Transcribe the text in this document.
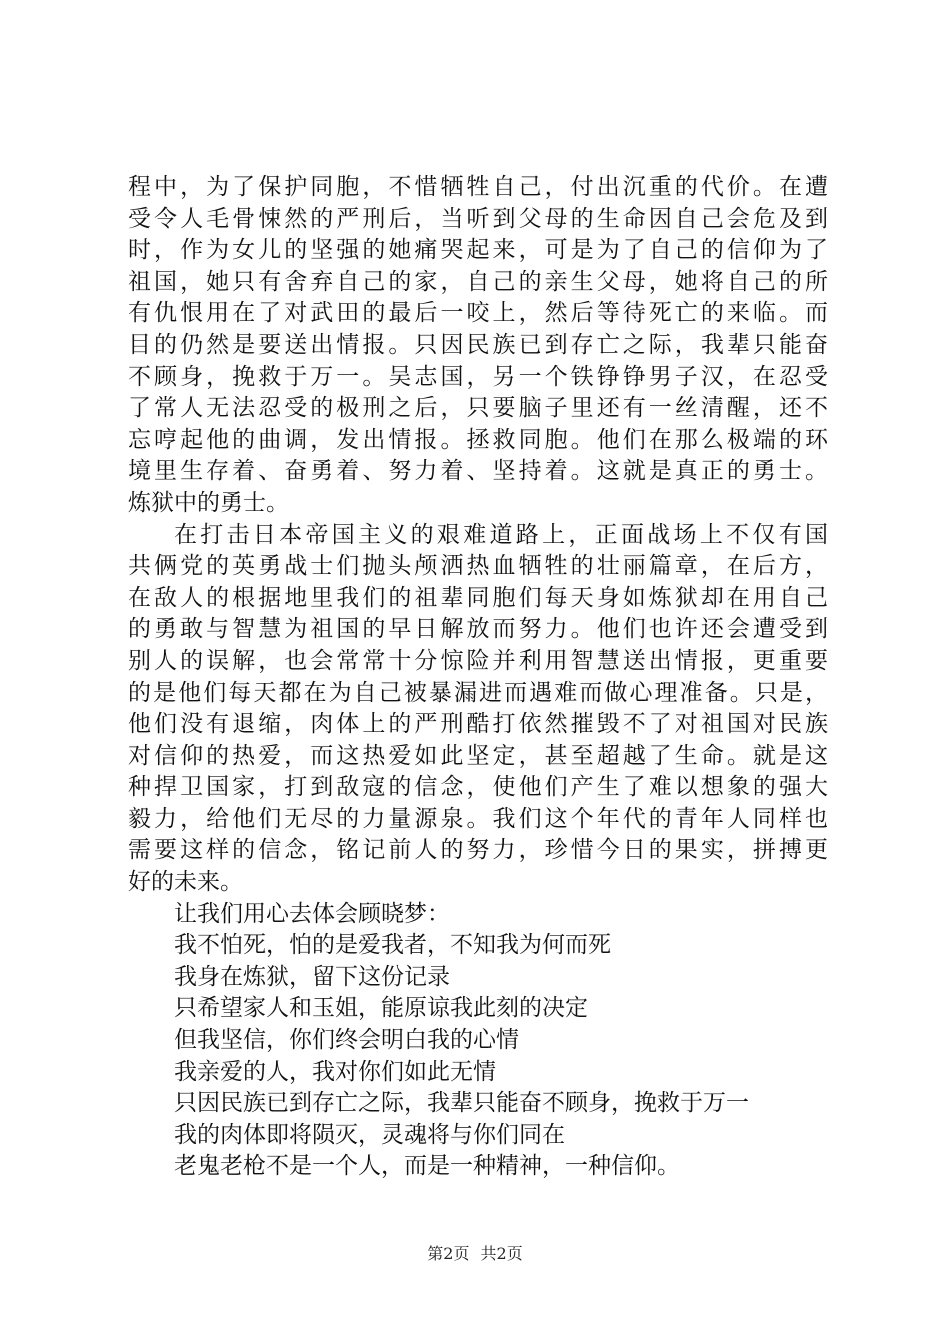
程中，为了保护同胞，不惜牺牲自己，付出沉重的代价。在遭
受令人毛骨悚然的严刑后，当听到父母的生命因自己会危及到
时，作为女儿的坚强的她痛哭起来，可是为了自己的信仰为了
祖国，她只有舍弃自己的家，自己的亲生父母，她将自己的所
有仇恨用在了对武田的最后一咬上，然后等待死亡的来临。而
目的仍然是要送出情报。只因民族已到存亡之际，我辈只能奋
不顾身，挽救于万一。吴志国，另一个铁铮铮男子汉，在忍受
了常人无法忍受的极刑之后，只要脑子里还有一丝清醒，还不
忘哼起他的曲调，发出情报。拯救同胞。他们在那么极端的环
境里生存着、奋勇着、努力着、坚持着。这就是真正的勇士。
炼狱中的勇士。
在打击日本帝国主义的艰难道路上，正面战场上不仅有国
共俩党的英勇战士们抛头颅洒热血牺牲的壮丽篇章，在后方，
在敌人的根据地里我们的祖辈同胞们每天身如炼狱却在用自己
的勇敢与智慧为祖国的早日解放而努力。他们也许还会遭受到
别人的误解，也会常常十分惊险并利用智慧送出情报，更重要
的是他们每天都在为自己被暴漏进而遇难而做心理准备。只是，
他们没有退缩，肉体上的严刑酷打依然摧毁不了对祖国对民族
对信仰的热爱，而这热爱如此坚定，甚至超越了生命。就是这
种捍卫国家，打到敌寇的信念，使他们产生了难以想象的强大
毅力，给他们无尽的力量源泉。我们这个年代的青年人同样也
需要这样的信念，铭记前人的努力，珍惜今日的果实，拼搏更
好的未来。
让我们用心去体会顾晓梦：
我不怕死，怕的是爱我者，不知我为何而死
我身在炼狱，留下这份记录
只希望家人和玉姐，能原谅我此刻的决定
但我坚信，你们终会明白我的心情
我亲爱的人，我对你们如此无情
只因民族已到存亡之际，我辈只能奋不顾身，挽救于万一
我的肉体即将陨灭，灵魂将与你们同在
老鬼老枪不是一个人，而是一种精神，一种信仰。
第2页 共2页
